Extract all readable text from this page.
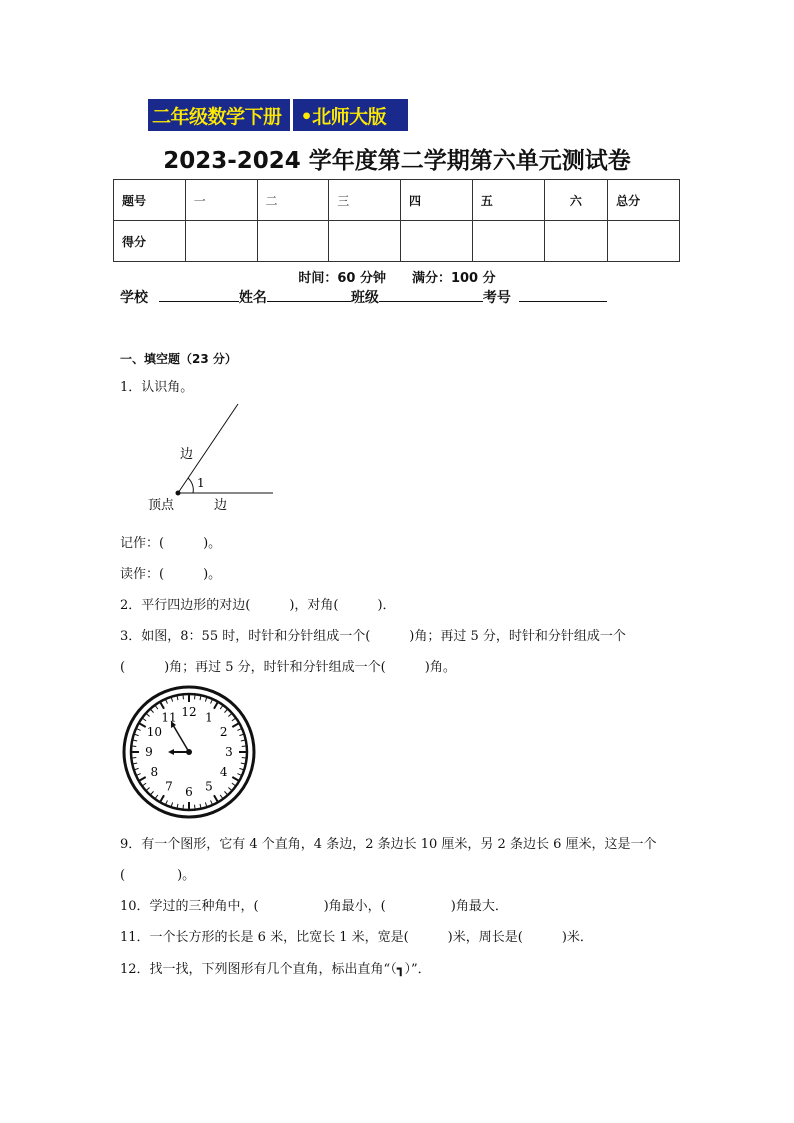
二年级数学下册 •北师大版
2023-2024 学年度第二学期第六单元测试卷
题号	一	二	三	四	五	六	总分
得分							
时间：60 分钟 满分：100 分
学校	姓名	班级	考号
一、填空题（23 分）
1．认识角。
边
1
顶点	边
记作：(　　　)。
读作：(　　　)。
2．平行四边形的对边(　　　)，对角(　　　)．
3．如图，8：55 时，时针和分针组成一个(　　　)角；再过 5 分，时针和分针组成一个
(　　　)角；再过 5 分，时针和分针组成一个(　　　)角。
12 1
2
3
4
5
6
7
8
9
10
11
9．有一个图形，它有 4 个直角，4 条边，2 条边长 10 厘米，另 2 条边长 6 厘米，这是一个
(　　　　)。
10．学过的三种角中，(　　　　　)角最小，(　　　　　)角最大．
11．一个长方形的长是 6 米，比宽长 1 米，宽是(　　　)米，周长是(　　　)米．
12．找一找，下列图形有几个直角，标出直角“（┓）”．
